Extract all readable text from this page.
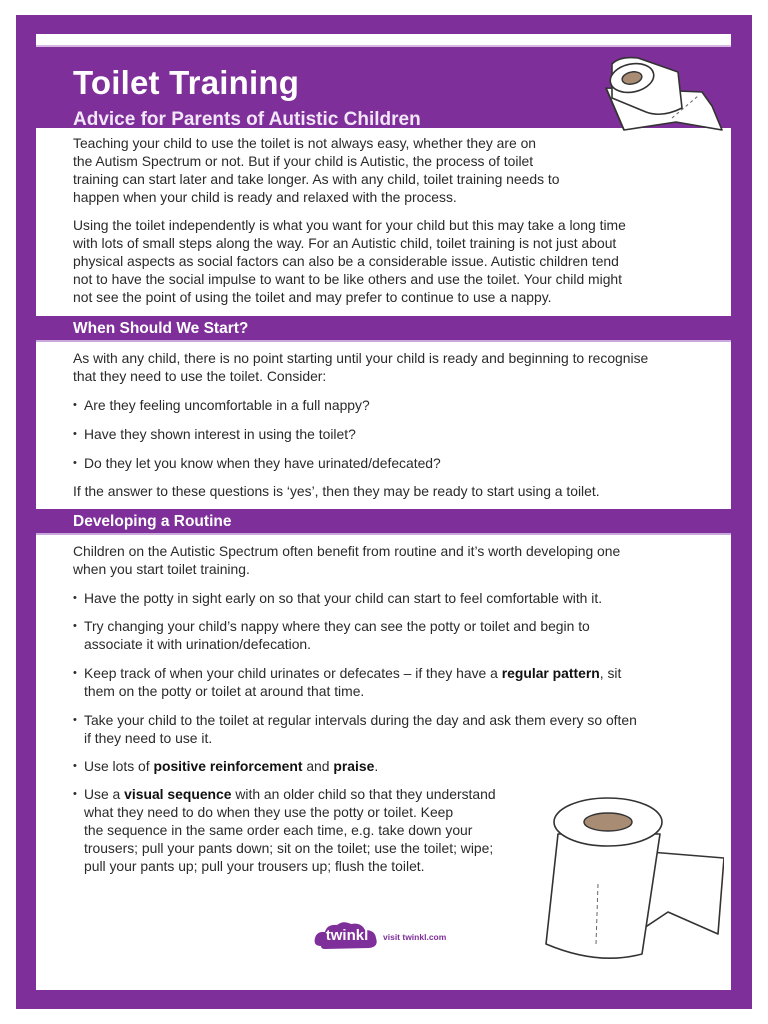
Toilet Training
Advice for Parents of Autistic Children

Teaching your child to use the toilet is not always easy, whether they are on

the Autism Spectrum or not. But if your child is Autistic, the process of toilet

training can start later and take longer. As with any child, toilet training needs to

happen when your child is ready and relaxed with the process.

Using the toilet independently is what you want for your child but this may take a long time

with lots of small steps along the way. For an Autistic child, toilet training is not just about

physical aspects as social factors can also be a considerable issue. Autistic children tend

not to have the social impulse to want to be like others and use the toilet. Your child might

not see the point of using the toilet and may prefer to continue to use a nappy.

When Should We Start?

As with any child, there is no point starting until your child is ready and beginning to recognise

that they need to use the toilet. Consider:

• Are they feeling uncomfortable in a full nappy?

• Have they shown interest in using the toilet?

• Do they let you know when they have urinated/defecated?

If the answer to these questions is ‘yes’, then they may be ready to start using a toilet.

Developing a Routine

Children on the Autistic Spectrum often benefit from routine and it’s worth developing one

when you start toilet training.

• Have the potty in sight early on so that your child can start to feel comfortable with it.

• Try changing your child’s nappy where they can see the potty or toilet and begin to

associate it with urination/defecation.

• Keep track of when your child urinates or defecates – if they have a regular pattern, sit

them on the potty or toilet at around that time.

• Take your child to the toilet at regular intervals during the day and ask them every so often

if they need to use it.

• Use lots of positive reinforcement and praise.

• Use a visual sequence with an older child so that they understand

what they need to do when they use the potty or toilet. Keep

the sequence in the same order each time, e.g. take down your

trousers; pull your pants down; sit on the toilet; use the toilet; wipe;

pull your pants up; pull your trousers up; flush the toilet.

twinkl	visit twinkl.com
